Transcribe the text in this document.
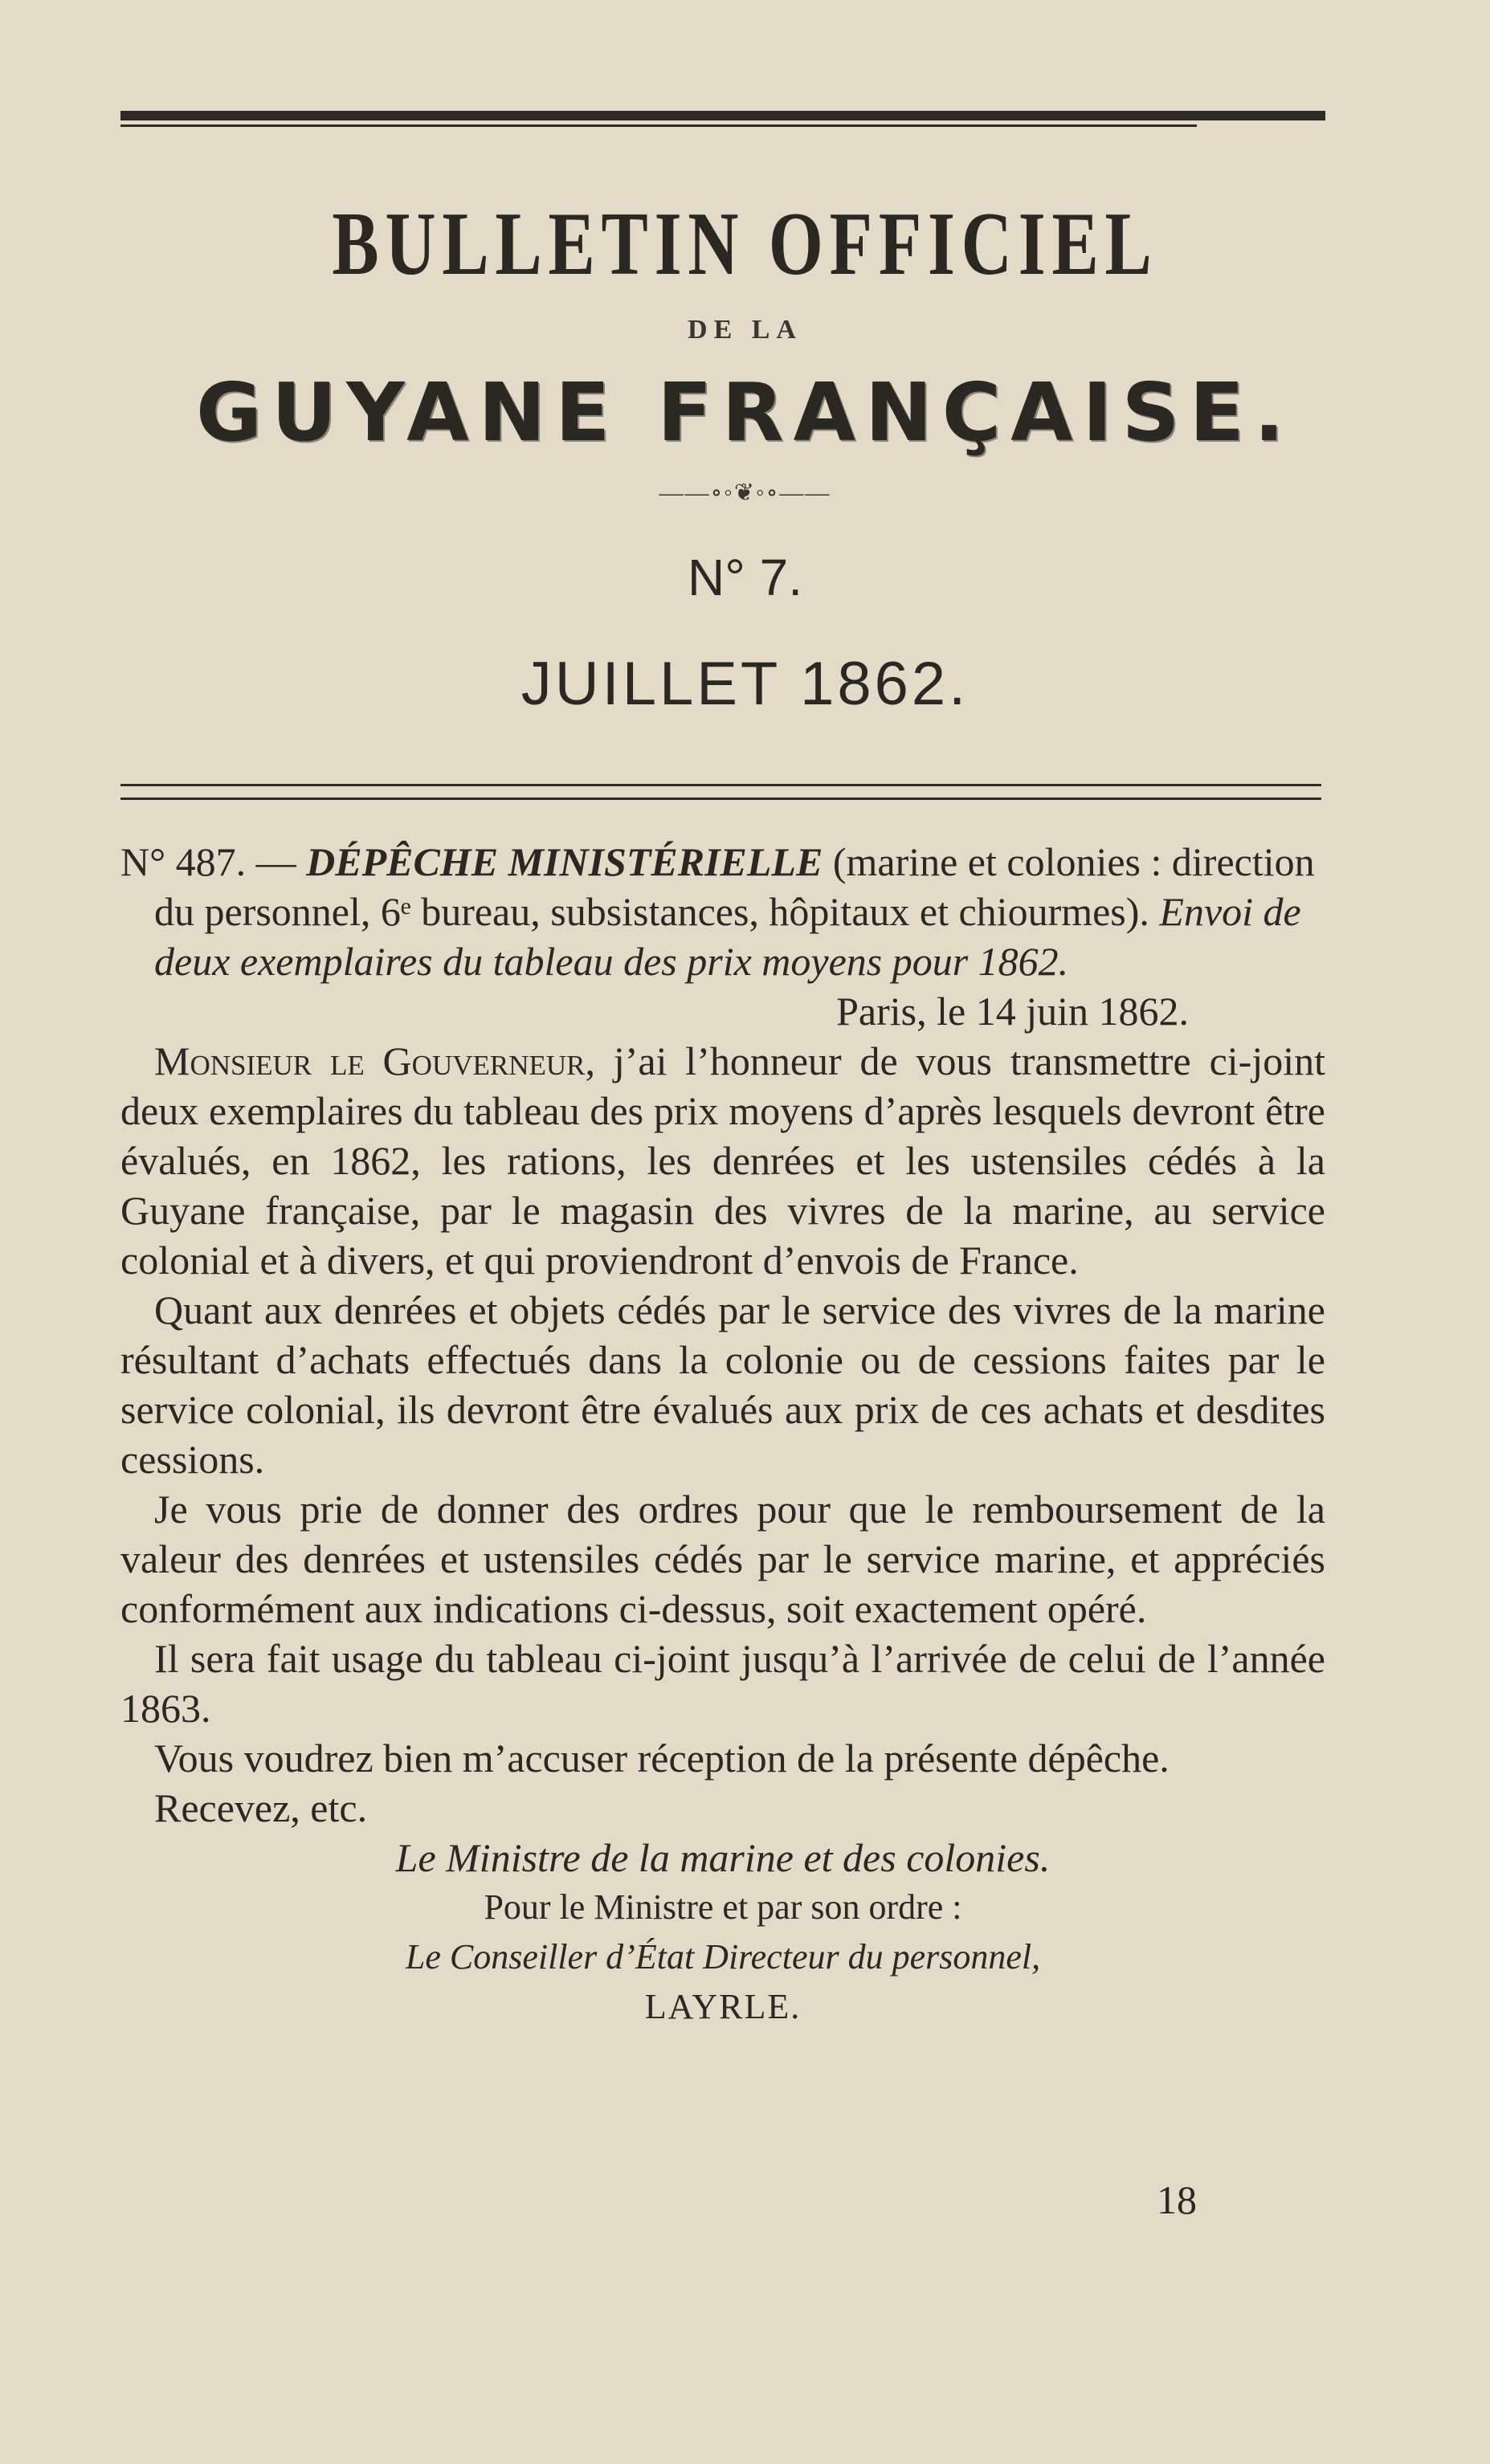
BULLETIN OFFICIEL
DE LA
GUYANE FRANÇAISE.
——∘◦❦◦∘——
N° 7.
JUILLET 1862.

N° 487. — DÉPÊCHE MINISTÉRIELLE (marine et colonies : direction du personnel, 6ᵉ bureau, subsistances, hôpitaux et chiourmes). Envoi de deux exemplaires du tableau des prix moyens pour 1862.

Paris, le 14 juin 1862.

Monsieur le Gouverneur, j’ai l’honneur de vous transmettre ci-joint deux exemplaires du tableau des prix moyens d’après lesquels devront être évalués, en 1862, les rations, les denrées et les ustensiles cédés à la Guyane française, par le magasin des vivres de la marine, au service colonial et à divers, et qui proviendront d’envois de France.

Quant aux denrées et objets cédés par le service des vivres de la marine résultant d’achats effectués dans la colonie ou de cessions faites par le service colonial, ils devront être évalués aux prix de ces achats et desdites cessions.

Je vous prie de donner des ordres pour que le remboursement de la valeur des denrées et ustensiles cédés par le service marine, et appréciés conformément aux indications ci-dessus, soit exactement opéré.

Il sera fait usage du tableau ci-joint jusqu’à l’arrivée de celui de l’année 1863.

Vous voudrez bien m’accuser réception de la présente dépêche.

Recevez, etc.

Le Ministre de la marine et des colonies.

Pour le Ministre et par son ordre :

Le Conseiller d’État Directeur du personnel,

LAYRLE.

18
